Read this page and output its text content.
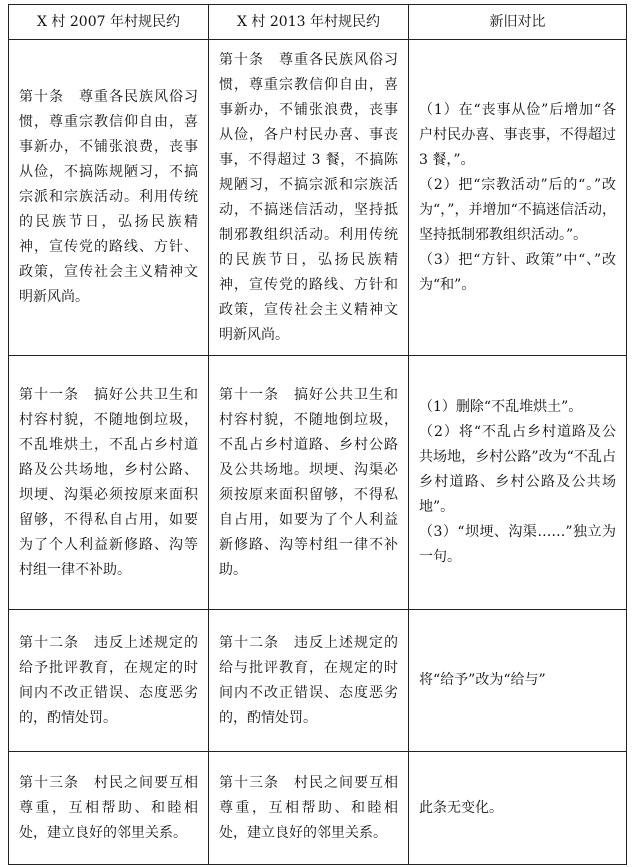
X 村 2007 年村规民约	X 村 2013 年村规民约	新旧对比
第十条　尊重各民族风俗习惯，尊重宗教信仰自由，喜事新办，不铺张浪费，丧事从俭，不搞陈规陋习，不搞宗派和宗族活动。利用传统的民族节日，弘扬民族精神，宣传党的路线、方针、政策，宣传社会主义精神文明新风尚。	第十条　尊重各民族风俗习惯，尊重宗教信仰自由，喜事新办，不铺张浪费，丧事从俭，各户村民办喜、事丧事，不得超过 3 餐，不搞陈规陋习，不搞宗派和宗族活动，不搞迷信活动，坚持抵制邪教组织活动。利用传统的民族节日，弘扬民族精神，宣传党的路线、方针和政策，宣传社会主义精神文明新风尚。	（1）在“丧事从俭”后增加“各户村民办喜、事丧事，不得超过 3 餐，”。
（2）把“宗教活动”后的“。”改为“，”，并增加“不搞迷信活动，坚持抵制邪教组织活动。”。
（3）把“方针、政策”中“、”改为“和”。

第十一条　搞好公共卫生和村容村貌，不随地倒垃圾，不乱堆烘土，不乱占乡村道路及公共场地，乡村公路、坝埂、沟渠必须按原来面积留够，不得私自占用，如要为了个人利益新修路、沟等村组一律不补助。	第十一条　搞好公共卫生和村容村貌，不随地倒垃圾，不乱占乡村道路、乡村公路及公共场地。坝埂、沟渠必须按原来面积留够，不得私自占用，如要为了个人利益新修路、沟等村组一律不补助。	（1）删除“不乱堆烘土”。
（2）将“不乱占乡村道路及公共场地，乡村公路”改为“不乱占乡村道路、乡村公路及公共场地”。
（3）“坝埂、沟渠……”独立为一句。

第十二条　违反上述规定的给予批评教育，在规定的时间内不改正错误、态度恶劣的，酌情处罚。	第十二条　违反上述规定的给与批评教育，在规定的时间内不改正错误、态度恶劣的，酌情处罚。	将“给予”改为“给与”

第十三条　村民之间要互相尊重，互相帮助、和睦相处，建立良好的邻里关系。	第十三条　村民之间要互相尊重，互相帮助、和睦相处，建立良好的邻里关系。	此条无变化。
